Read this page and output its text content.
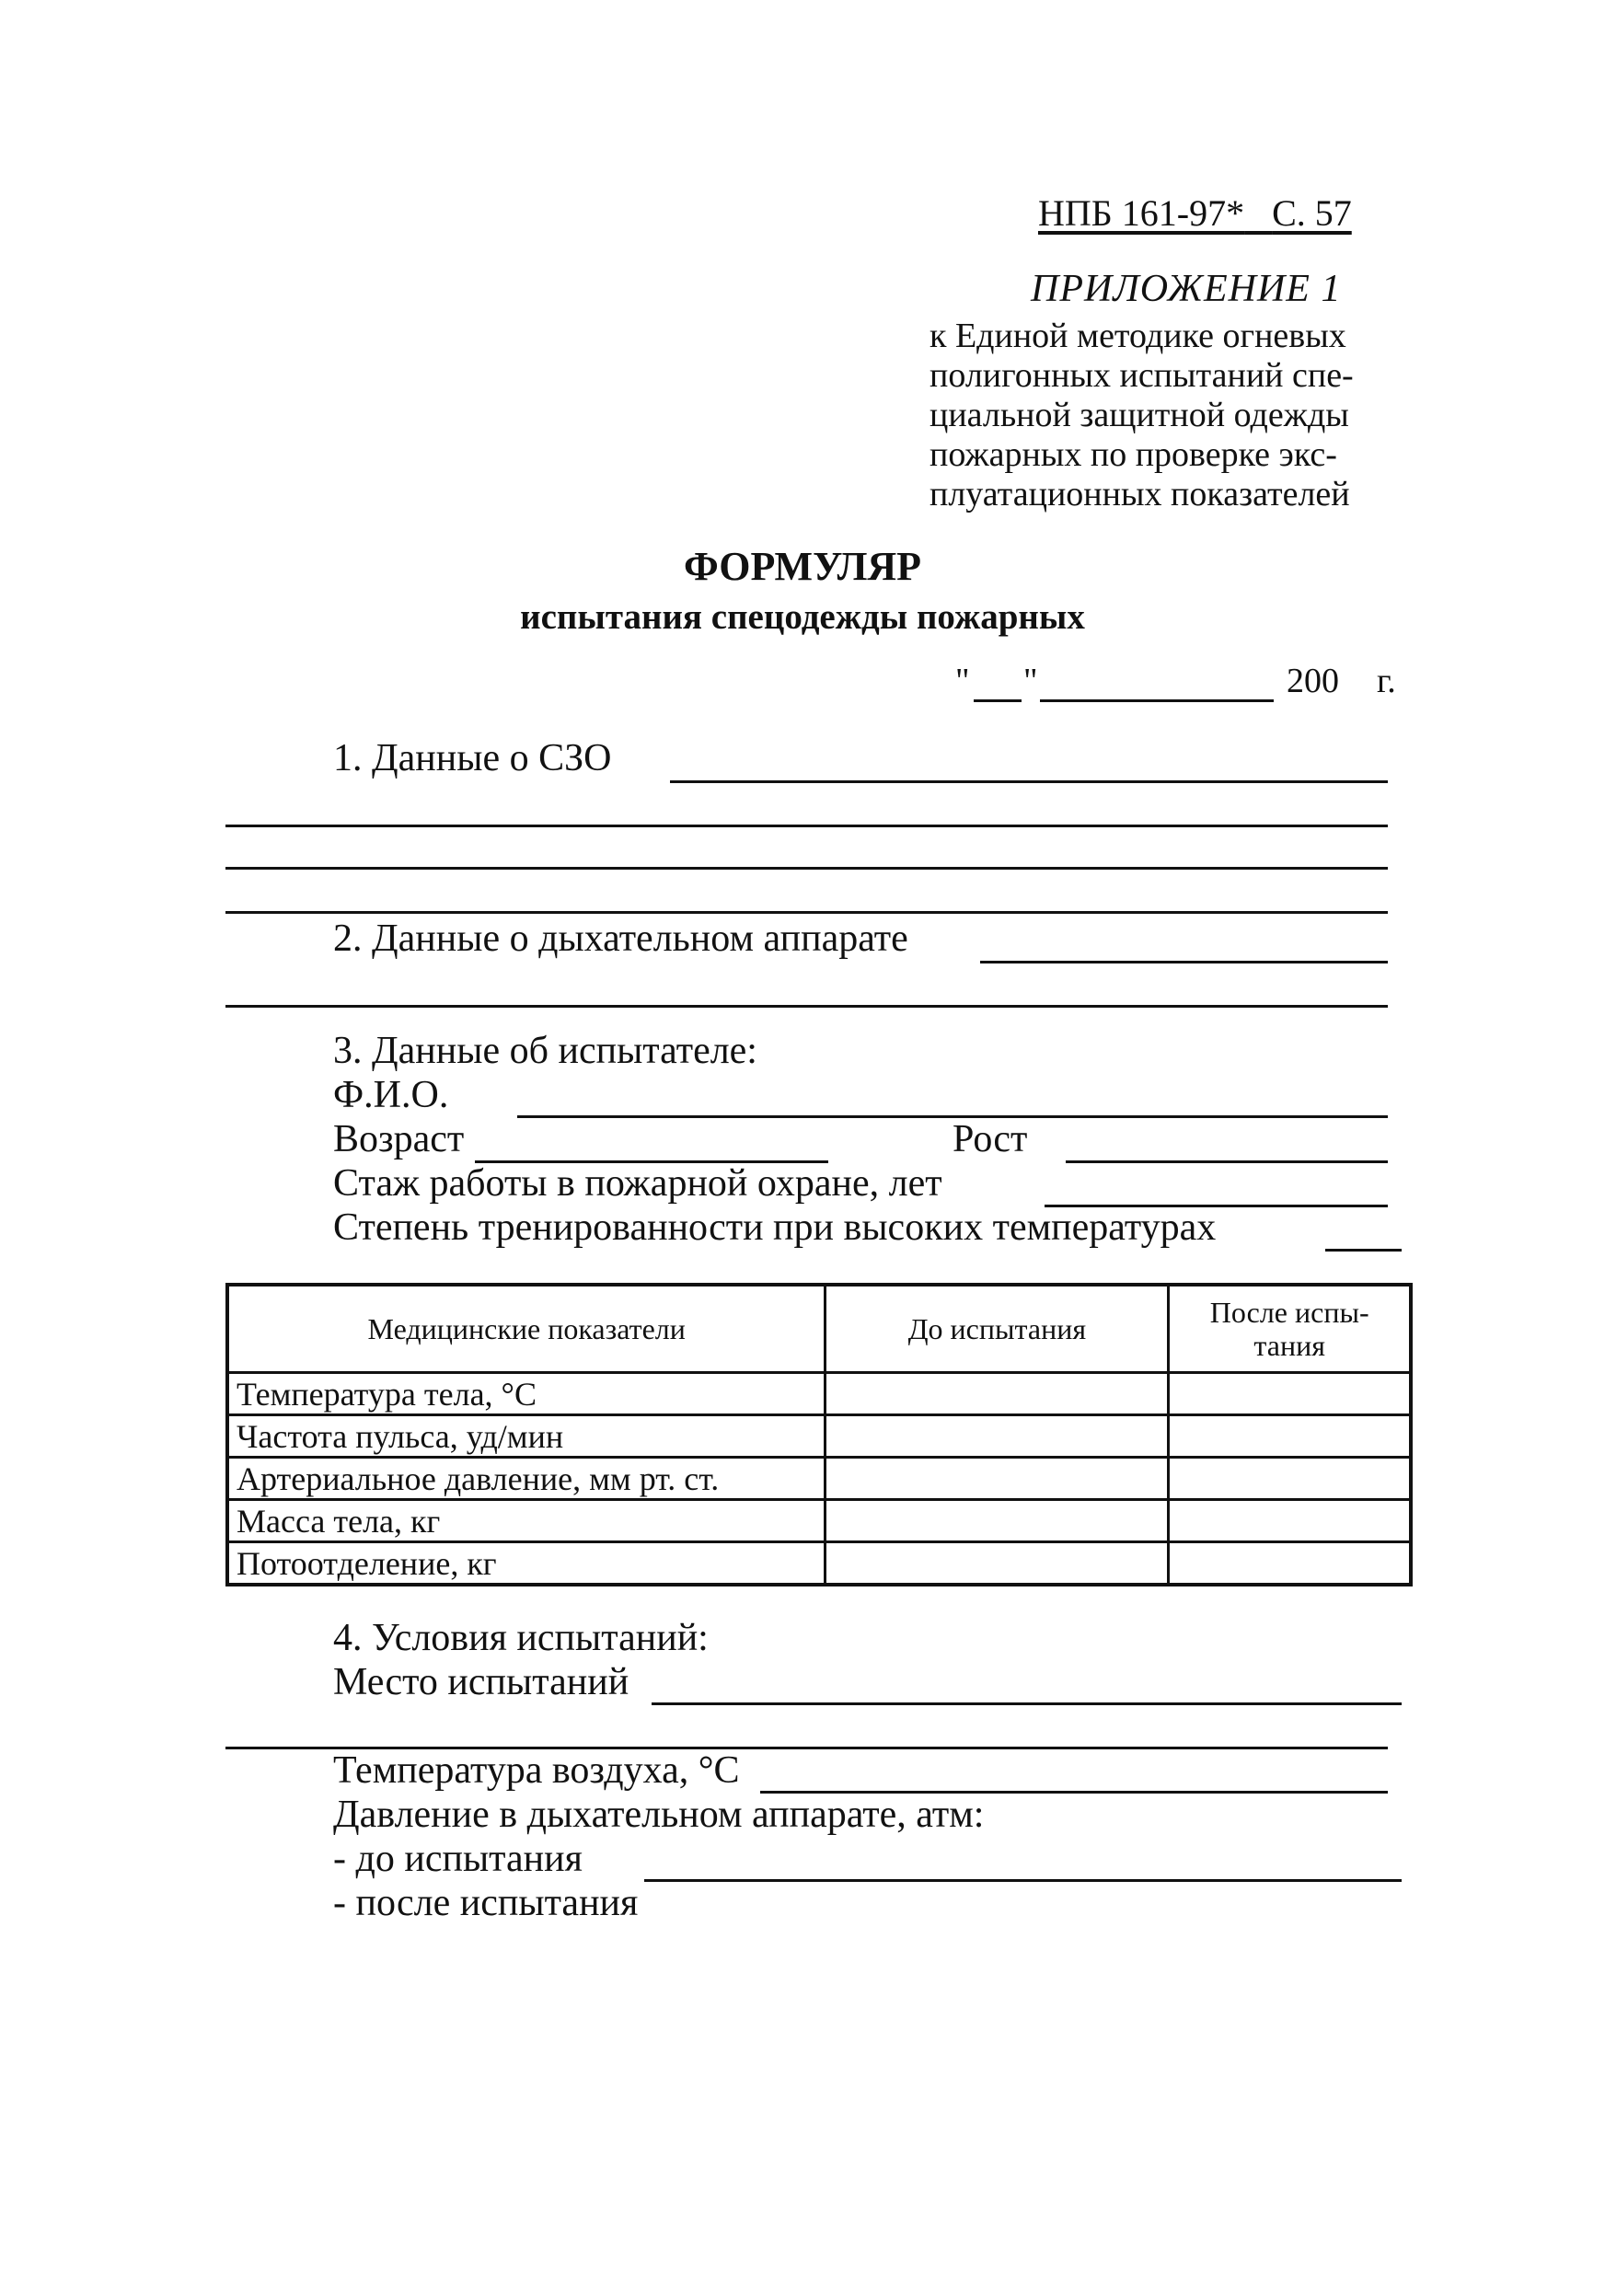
НПБ 161-97* С. 57
ПРИЛОЖЕНИЕ 1
к Единой методике огневых
полигонных испытаний спе-
циальной защитной одежды
пожарных по проверке экс-
плуатационных показателей
ФОРМУЛЯР
испытания спецодежды пожарных
" "	200 г.
1. Данные о СЗО
2. Данные о дыхательном аппарате
3. Данные об испытателе:
Ф.И.О.
Возраст	Рост
Стаж работы в пожарной охране, лет
Степень тренированности при высоких температурах
Медицинские показатели	До испытания	После испы-
тания
Температура тела, °С		
Частота пульса, уд/мин		
Артериальное давление, мм рт. ст.		
Масса тела, кг		
Потоотделение, кг		
4. Условия испытаний:
Место испытаний
Температура воздуха, °С
Давление в дыхательном аппарате, атм:
- до испытания
- после испытания
